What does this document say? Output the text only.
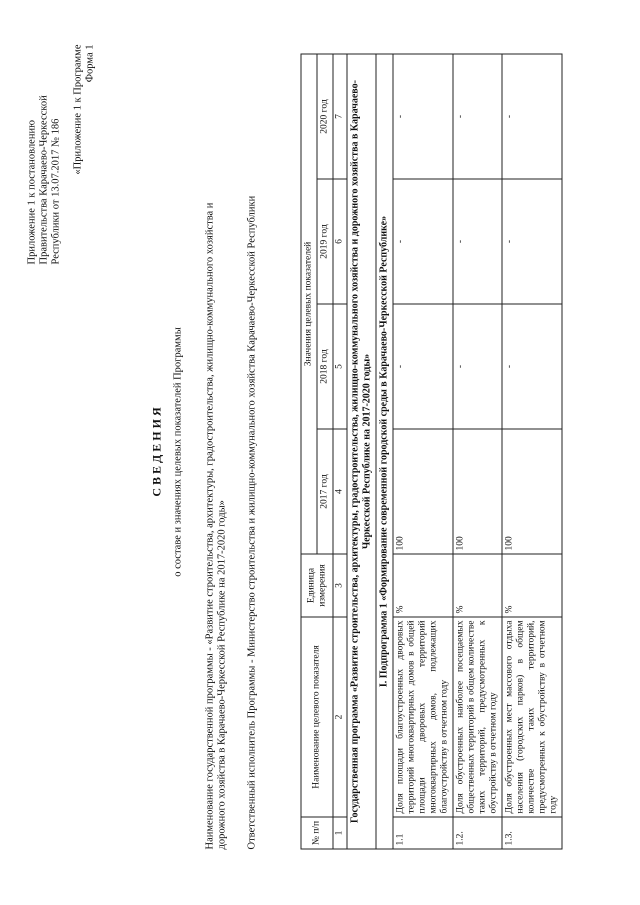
Приложение 1 к постановлению Правительства Карачаево-Черкесской Республики от 13.07.2017 № 186
«Приложение 1 к Программе Форма 1
С В Е Д Е Н И Я о составе и значениях целевых показателей Программы Наименование государственной программы - «Развитие строительства, архитектуры, градостроительства, жилищно-коммунального хозяйства и дорожного хозяйства в Карачаево-Черкесской Республике на 2017-2020 годы» Ответственный исполнитель Программы - Министерство строительства и жилищно-коммунального хозяйства Карачаево-Черкесской Республики	№ п/п	Наименование целевого показателя	Единица измерения	Значения целевых показателей			
			2017 год	2018 год	2019 год	2020 год
1	2	3	4	5	6	7
Государственная программа «Развитие строительства, архитектуры, градостроительства, жилищно-коммунального хозяйства и дорожного хозяйства в Карачаево-Черкесской Республике на 2017-2020 годы»						
I. Подпрограмма 1 «Формирование современной городской среды в Карачаево-Черкесской Республике»						
1.1	Доля площади благоустроенных дворовых территорий многоквартирных домов в общей площади дворовых территорий многоквартирных домов, подлежащих благоустройству в отчетном году	%	100	-	-	-
1.2.	Доля обустроенных наиболее посещаемых общественных территорий в общем количестве таких территорий, предусмотренных к обустройству в отчетном году	%	100	-	-	-
1.3.	Доля обустроенных мест массового отдыха населения (городских парков) в общем количестве таких территорий, предусмотренных к обустройству в отчетном году	%	100	-	-	-
